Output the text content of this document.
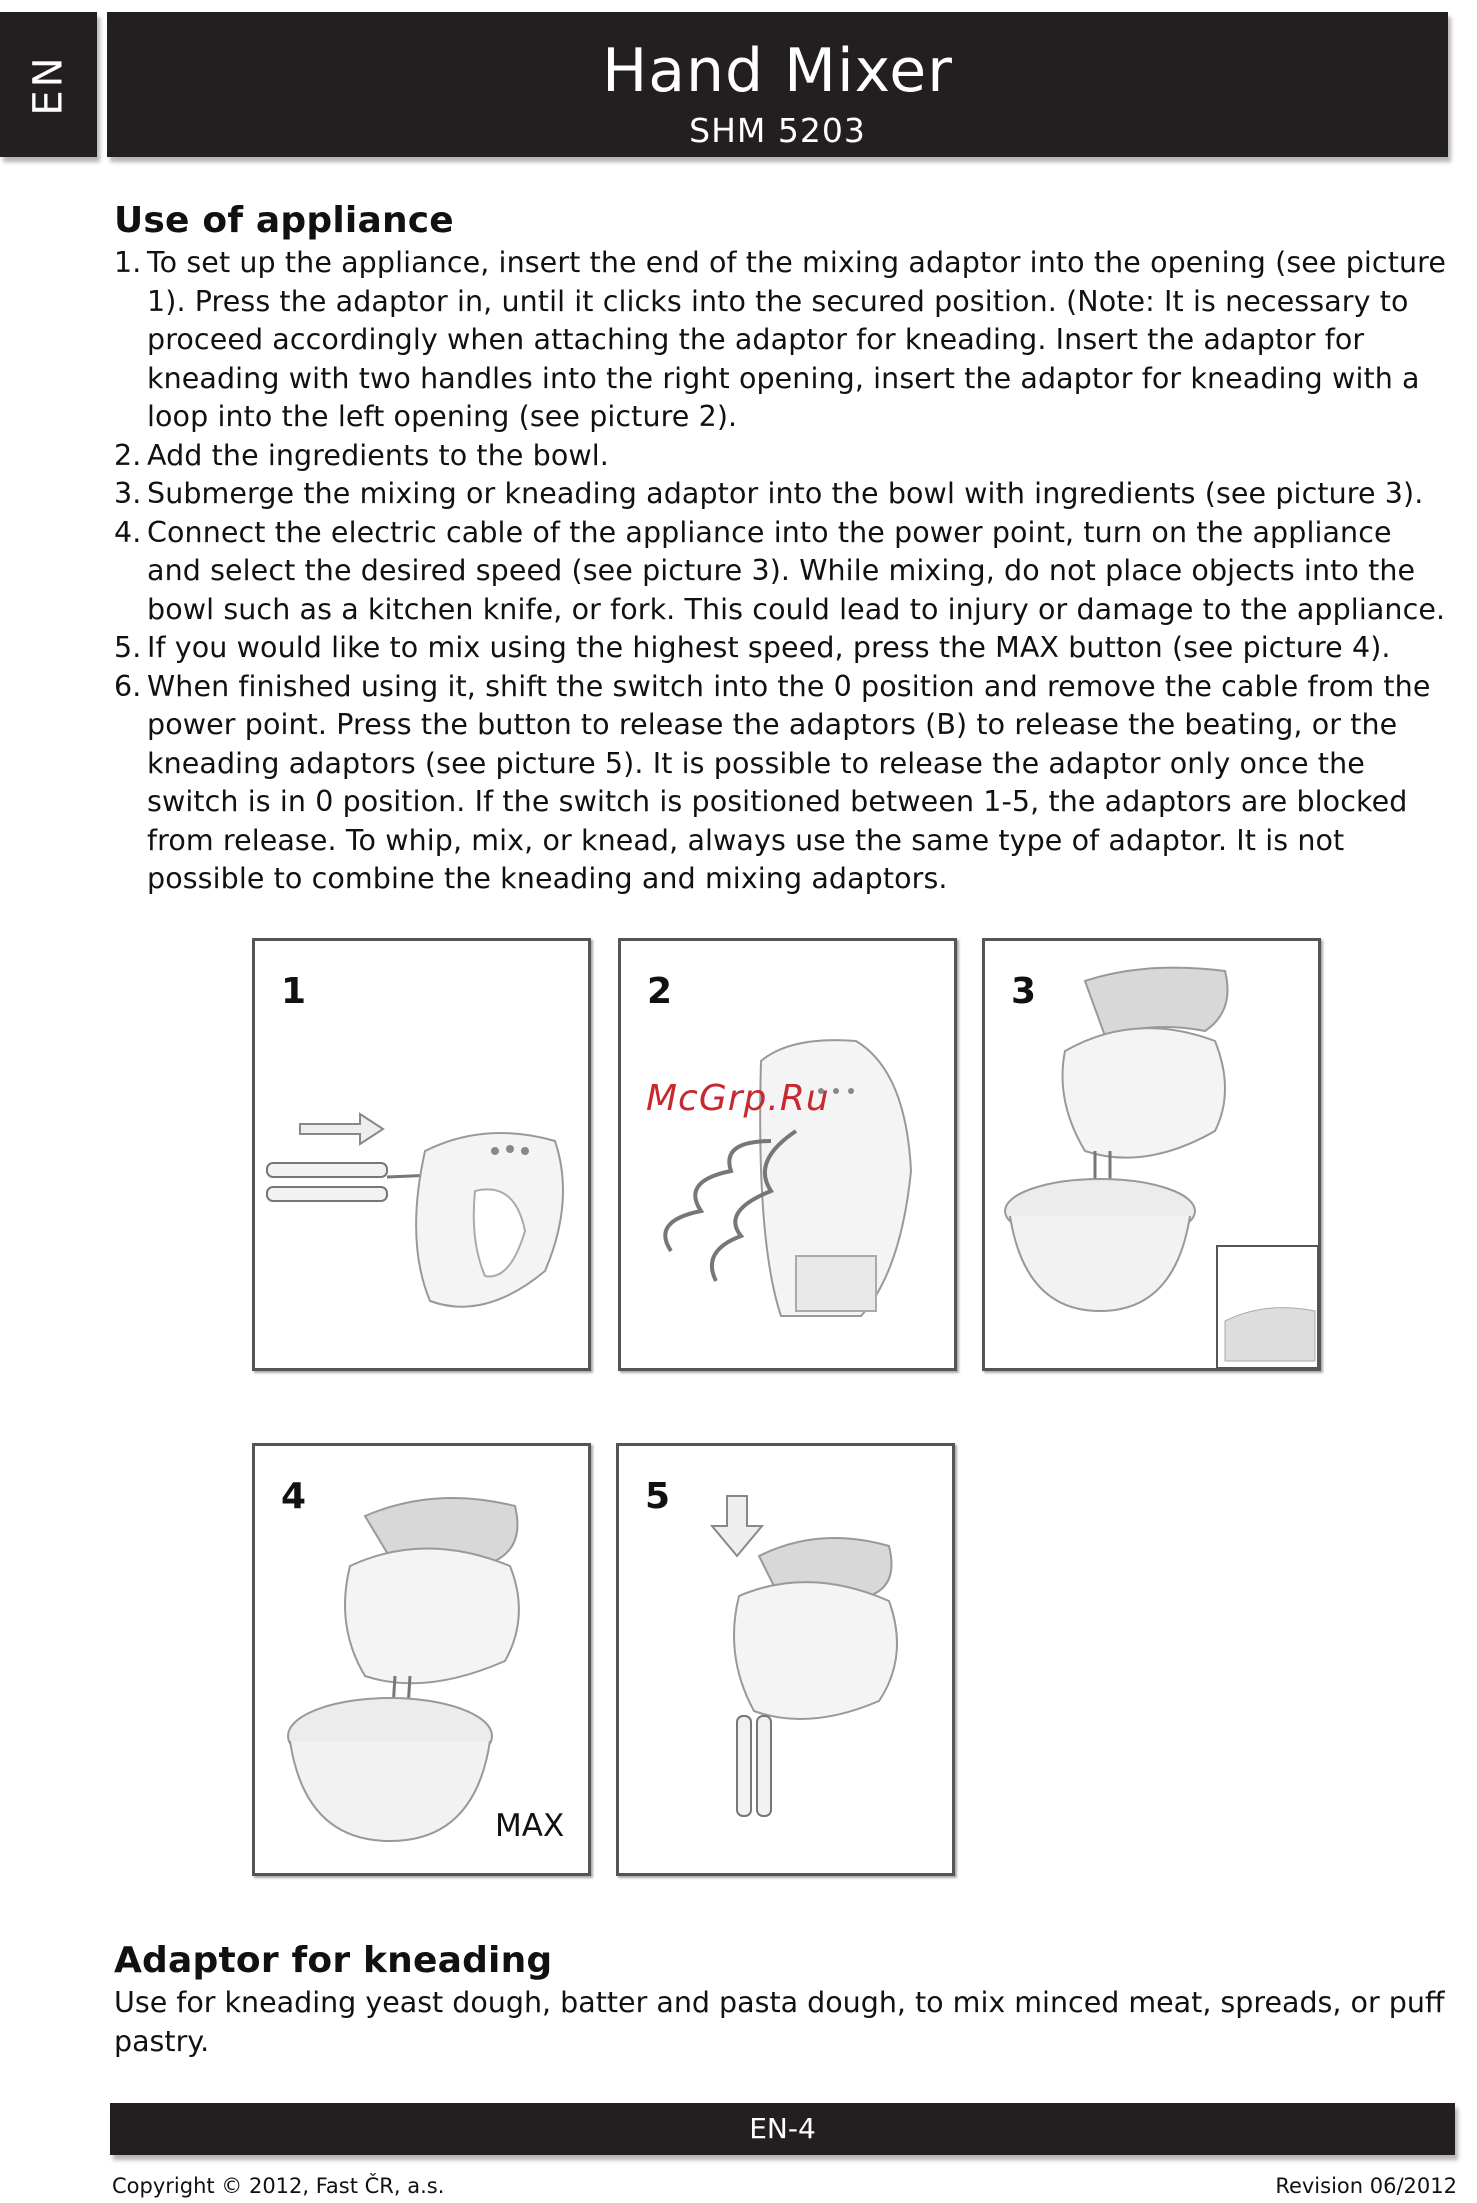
EN	Hand Mixer
SHM 5203
Use of appliance
1. To set up the appliance, insert the end of the mixing adaptor into the opening (see picture 1). Press the adaptor in, until it clicks into the secured position. (Note: It is necessary to proceed accordingly when attaching the adaptor for kneading. Insert the adaptor for kneading with two handles into the right opening, insert the adaptor for kneading with a loop into the left opening (see picture 2).
2. Add the ingredients to the bowl.
3. Submerge the mixing or kneading adaptor into the bowl with ingredients (see picture 3).
4. Connect the electric cable of the appliance into the power point, turn on the appliance and select the desired speed (see picture 3). While mixing, do not place objects into the bowl such as a kitchen knife, or fork. This could lead to injury or damage to the appliance.
5. If you would like to mix using the highest speed, press the MAX button (see picture 4).
6. When finished using it, shift the switch into the 0 position and remove the cable from the power point. Press the button to release the adaptors (B) to release the beating, or the kneading adaptors (see picture 5). It is possible to release the adaptor only once the switch is in 0 position. If the switch is positioned between 1-5, the adaptors are blocked from release. To whip, mix, or knead, always use the same type of adaptor. It is not possible to combine the kneading and mixing adaptors.
1	2	3
4
MAX
5
McGrp.Ru
Adaptor for kneading

Use for kneading yeast dough, batter and pasta dough, to mix minced meat, spreads, or puff pastry.

EN-4
Copyright © 2012, Fast ČR, a.s.	Revision 06/2012
